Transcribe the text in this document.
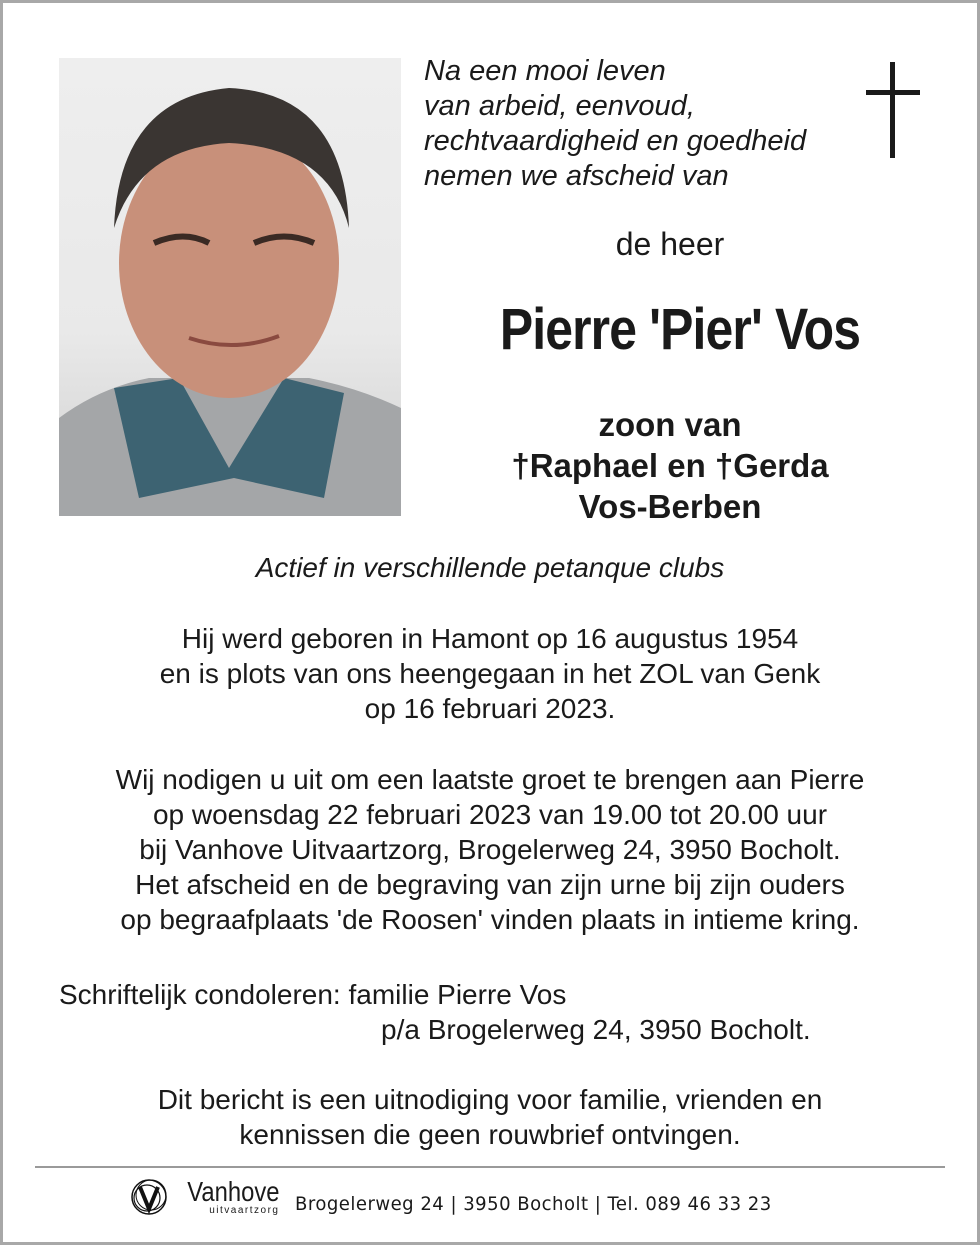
Na een mooi leven
van arbeid, eenvoud,
rechtvaardigheid en goedheid
nemen we afscheid van
de heer
Pierre 'Pier' Vos
zoon van
†Raphael en †Gerda
Vos-Berben
Actief in verschillende petanque clubs
Hij werd geboren in Hamont op 16 augustus 1954
en is plots van ons heengegaan in het ZOL van Genk
op 16 februari 2023.
Wij nodigen u uit om een laatste groet te brengen aan Pierre
op woensdag 22 februari 2023 van 19.00 tot 20.00 uur
bij Vanhove Uitvaartzorg, Brogelerweg 24, 3950 Bocholt.
Het afscheid en de begraving van zijn urne bij zijn ouders
op begraafplaats 'de Roosen' vinden plaats in intieme kring.
Schriftelijk condoleren: familie Pierre Vos
p/a Brogelerweg 24, 3950 Bocholt.
Dit bericht is een uitnodiging voor familie, vrienden en
kennissen die geen rouwbrief ontvingen.
Vanhove
uitvaartzorg Brogelerweg 24 | 3950 Bocholt | Tel. 089 46 33 23
